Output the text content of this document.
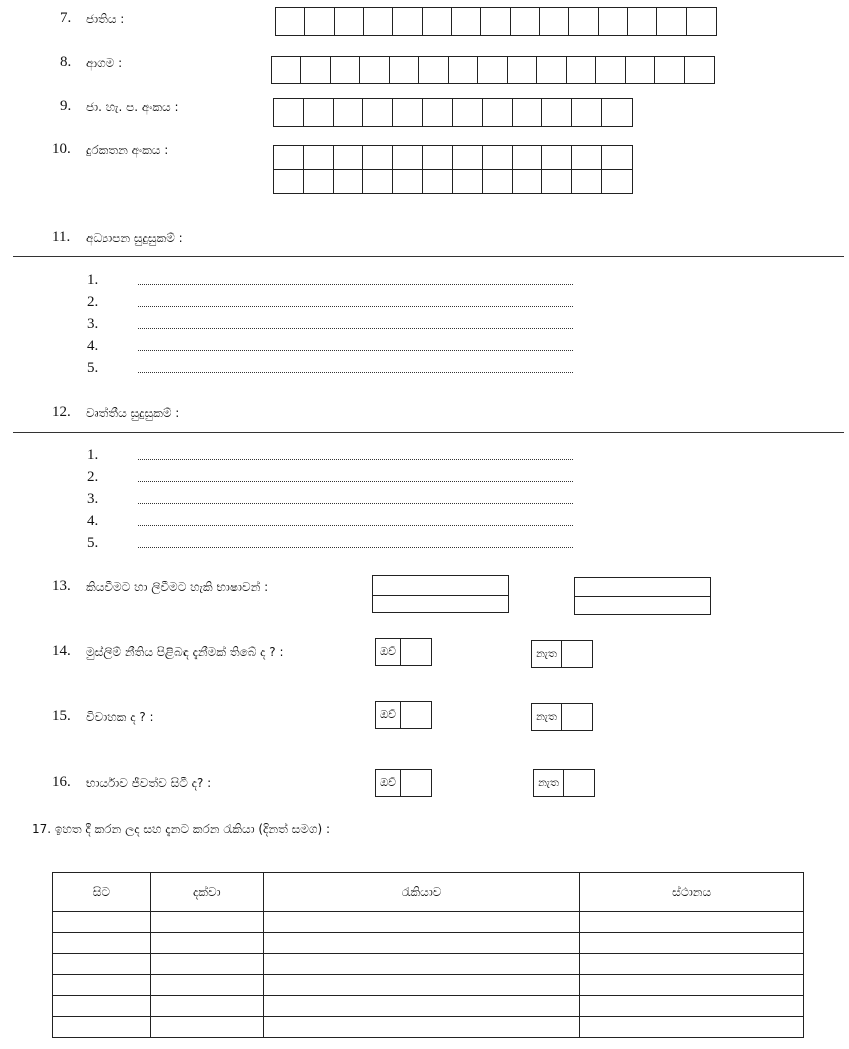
7. ජාතිය :
8. ආගම :
9. ජා. හැ. ප. අංකය :
10. දුරකතන අංකය :
11. අධ්‍යාපන සුදුසුකම් :
1.
2.
3.
4.
5.
12. වෘත්තීය සුදුසුකම් :
1.
2.
3.
4.
5.
13. කියවීමට හා ලිවීමට හැකි භාෂාවන් :
14. මුස්ලිම් නීතිය පිළිබඳ දැනීමක් තිබේ ද ? :	ඔව්	නැත
15. විවාහක ද ? :	ඔව්	නැත
16. භාර්යාව ජීවත්ව සිටී ද? :	ඔව්	නැත
17. ඉහත දී කරන ලද සහ දැනට කරන රැකියා (දිනත් සමග) :
සිට	දක්වා	රැකියාව	ස්ථානය
